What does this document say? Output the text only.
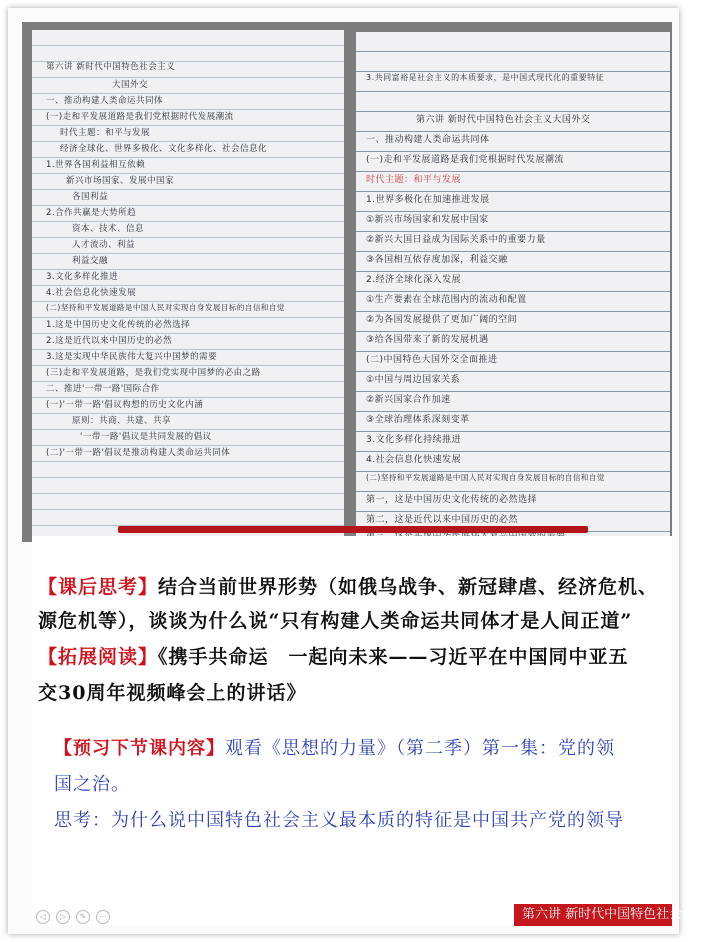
第六讲 新时代中国特色社会主义
大国外交
一、推动构建人类命运共同体
(一)走和平发展道路是我们党根据时代发展潮流
时代主题：和平与发展
经济全球化、世界多极化、文化多样化、社会信息化
1.世界各国利益相互依赖
新兴市场国家、发展中国家
各国利益
2.合作共赢是大势所趋
资本、技术、信息
人才流动、利益
利益交融
3.文化多样化推进
4.社会信息化快速发展
(二)坚持和平发展道路是中国人民对实现自身发展目标的自信和自觉
1.这是中国历史文化传统的必然选择
2.这是近代以来中国历史的必然
3.这是实现中华民族伟大复兴中国梦的需要
(三)走和平发展道路，是我们党实现中国梦的必由之路
二、推进'一带一路'国际合作
(一)'一带一路'倡议构想的历史文化内涵
原则：共商、共建、共享
'一带一路'倡议是共同发展的倡议
(二)'一带一路'倡议是推动构建人类命运共同体
3.共同富裕是社会主义的本质要求，是中国式现代化的重要特征
第六讲 新时代中国特色社会主义大国外交
一、推动构建人类命运共同体
(一)走和平发展道路是我们党根据时代发展潮流
时代主题：和平与发展
1.世界多极化在加速推进发展
①新兴市场国家和发展中国家
②新兴大国日益成为国际关系中的重要力量
③各国相互依存度加深，利益交融
2.经济全球化深入发展
①生产要素在全球范围内的流动和配置
②为各国发展提供了更加广阔的空间
③给各国带来了新的发展机遇
(二)中国特色大国外交全面推进
①中国与周边国家关系
②新兴国家合作加速
③全球治理体系深刻变革
3.文化多样化持续推进
4.社会信息化快速发展
(二)坚持和平发展道路是中国人民对实现自身发展目标的自信和自觉
第一，这是中国历史文化传统的必然选择
第二，这是近代以来中国历史的必然
【课后思考】结合当前世界形势（如俄乌战争、新冠肆虐、经济危机、
源危机等），谈谈为什么说“只有构建人类命运共同体才是人间正道”
【拓展阅读】《携手共命运　一起向未来——习近平在中国同中亚五
交30周年视频峰会上的讲话》
【预习下节课内容】观看《思想的力量》（第二季）第一集：党的领
国之治。
思考：为什么说中国特色社会主义最本质的特征是中国共产党的领导
◁	▷	✎	⋯	第六讲 新时代中国特色社会主义
